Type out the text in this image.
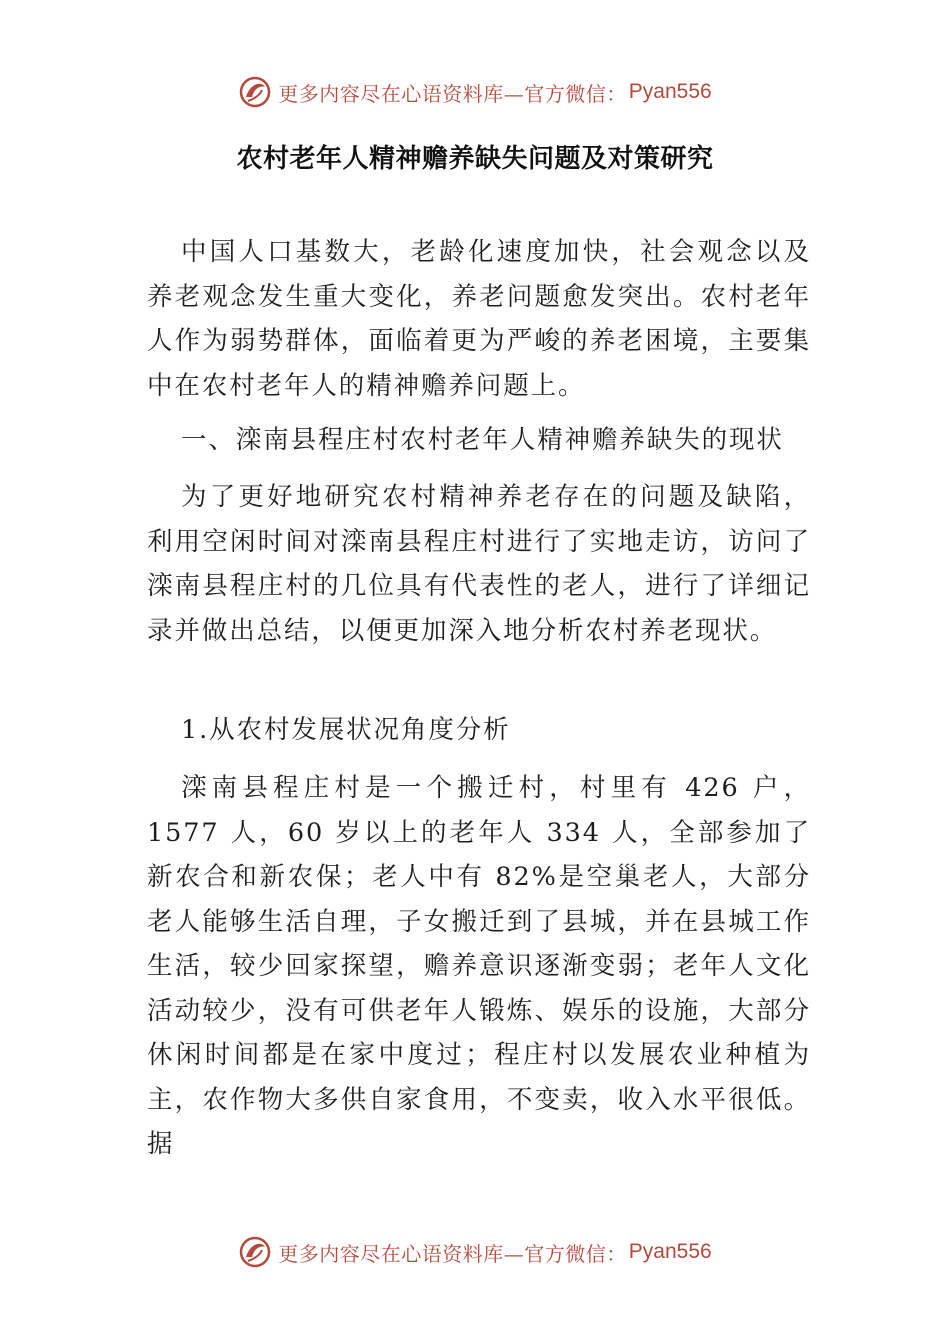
更多内容尽在心语资料库—官方微信： Pyan556
农村老年人精神赡养缺失问题及对策研究

中国人口基数大，老龄化速度加快，社会观念以及养老观念发生重大变化，养老问题愈发突出。农村老年人作为弱势群体，面临着更为严峻的养老困境，主要集中在农村老年人的精神赡养问题上。

一、滦南县程庄村农村老年人精神赡养缺失的现状

为了更好地研究农村精神养老存在的问题及缺陷，利用空闲时间对滦南县程庄村进行了实地走访，访问了滦南县程庄村的几位具有代表性的老人，进行了详细记录并做出总结，以便更加深入地分析农村养老现状。

1.从农村发展状况角度分析

滦南县程庄村是一个搬迁村，村里有 426 户，1577 人，60 岁以上的老年人 334 人，全部参加了新农合和新农保；老人中有 82%是空巢老人，大部分老人能够生活自理，子女搬迁到了县城，并在县城工作生活，较少回家探望，赡养意识逐渐变弱；老年人文化活动较少，没有可供老年人锻炼、娱乐的设施，大部分休闲时间都是在家中度过；程庄村以发展农业种植为主，农作物大多供自家食用，不变卖，收入水平很低。据

更多内容尽在心语资料库—官方微信： Pyan556
